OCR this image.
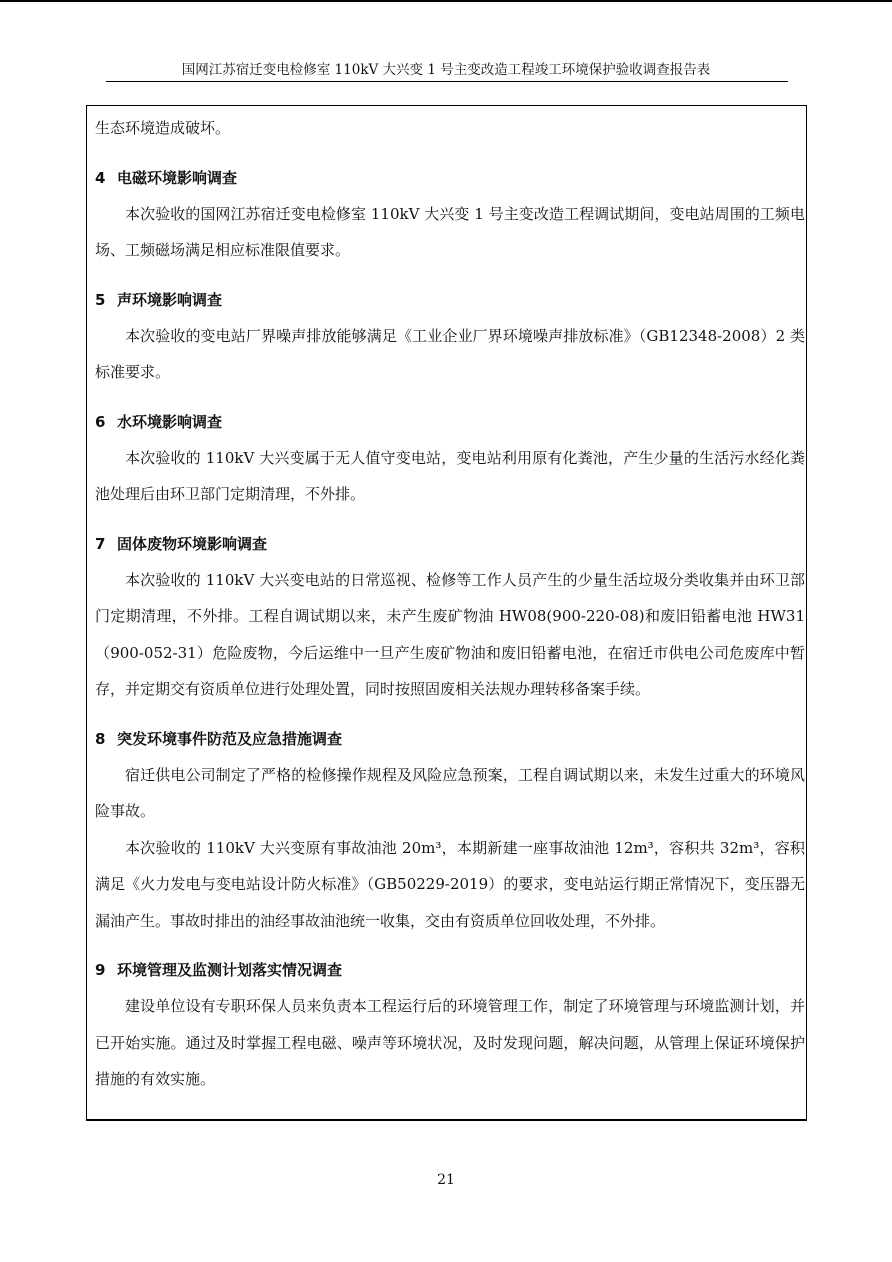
国网江苏宿迁变电检修室 110kV 大兴变 1 号主变改造工程竣工环境保护验收调查报告表

生态环境造成破坏。

4 电磁环境影响调查

本次验收的国网江苏宿迁变电检修室 110kV 大兴变 1 号主变改造工程调试期间，变电站周围的工频电场、工频磁场满足相应标准限值要求。

5 声环境影响调查

本次验收的变电站厂界噪声排放能够满足《工业企业厂界环境噪声排放标准》（GB12348-2008）2 类标准要求。

6 水环境影响调查

本次验收的 110kV 大兴变属于无人值守变电站，变电站利用原有化粪池，产生少量的生活污水经化粪池处理后由环卫部门定期清理，不外排。

7 固体废物环境影响调查

本次验收的 110kV 大兴变电站的日常巡视、检修等工作人员产生的少量生活垃圾分类收集并由环卫部门定期清理，不外排。工程自调试期以来，未产生废矿物油 HW08(900-220-08)和废旧铅蓄电池 HW31（900-052-31）危险废物，今后运维中一旦产生废矿物油和废旧铅蓄电池，在宿迁市供电公司危废库中暂存，并定期交有资质单位进行处理处置，同时按照固废相关法规办理转移备案手续。

8 突发环境事件防范及应急措施调查

宿迁供电公司制定了严格的检修操作规程及风险应急预案，工程自调试期以来，未发生过重大的环境风险事故。

本次验收的 110kV 大兴变原有事故油池 20m³，本期新建一座事故油池 12m³，容积共 32m³，容积满足《火力发电与变电站设计防火标准》（GB50229-2019）的要求，变电站运行期正常情况下，变压器无漏油产生。事故时排出的油经事故油池统一收集，交由有资质单位回收处理，不外排。

9 环境管理及监测计划落实情况调查

建设单位设有专职环保人员来负责本工程运行后的环境管理工作，制定了环境管理与环境监测计划，并已开始实施。通过及时掌握工程电磁、噪声等环境状况，及时发现问题，解决问题，从管理上保证环境保护措施的有效实施。

21
